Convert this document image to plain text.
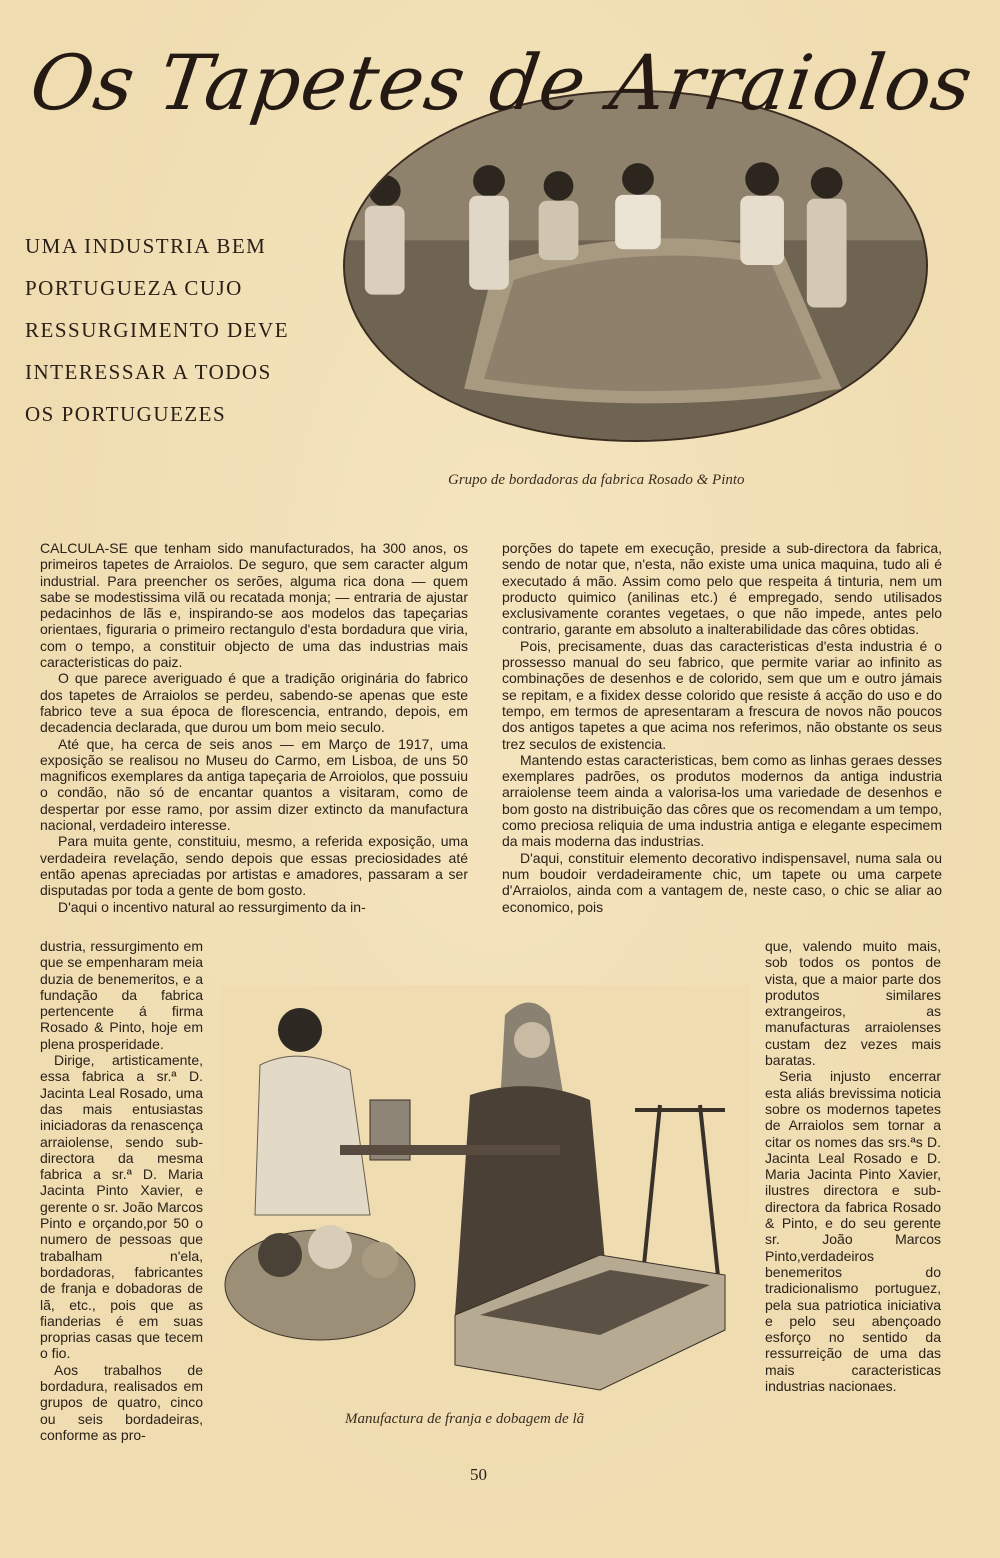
Os Tapetes de Arraiolos
UMA INDUSTRIA BEM
PORTUGUEZA CUJO
RESSURGIMENTO DEVE
INTERESSAR A TODOS
OS PORTUGUEZES
Grupo de bordadoras da fabrica Rosado & Pinto

CALCULA-SE que tenham sido manufacturados, ha 300 anos, os primeiros tapetes de Arraiolos. De seguro, que sem caracter algum industrial. Para preencher os serões, alguma rica dona — quem sabe se modestissima vilã ou recatada monja; — entraria de ajustar pedacinhos de lãs e, inspirando-se aos modelos das tapeçarias orientaes, figuraria o primeiro rectangulo d'esta bordadura que viria, com o tempo, a constituir objecto de uma das industrias mais caracteristicas do paiz.

O que parece averiguado é que a tradição originária do fabrico dos tapetes de Arraiolos se perdeu, sabendo-se apenas que este fabrico teve a sua época de florescencia, entrando, depois, em decadencia declarada, que durou um bom meio seculo.

Até que, ha cerca de seis anos — em Março de 1917, uma exposição se realisou no Museu do Carmo, em Lisboa, de uns 50 magnificos exemplares da antiga tapeçaria de Arroiolos, que possuiu o condão, não só de encantar quantos a visitaram, como de despertar por esse ramo, por assim dizer extincto da manufactura nacional, verdadeiro interesse.

Para muita gente, constituiu, mesmo, a referida exposição, uma verdadeira revelação, sendo depois que essas preciosidades até então apenas apreciadas por artistas e amadores, passaram a ser disputadas por toda a gente de bom gosto.

D'aqui o incentivo natural ao ressurgimento da in-

porções do tapete em execução, preside a sub-directora da fabrica, sendo de notar que, n'esta, não existe uma unica maquina, tudo ali é executado á mão. Assim como pelo que respeita á tinturia, nem um producto quimico (anilinas etc.) é empregado, sendo utilisados exclusivamente corantes vegetaes, o que não impede, antes pelo contrario, garante em absoluto a inalterabilidade das côres obtidas.

Pois, precisamente, duas das caracteristicas d'esta industria é o prossesso manual do seu fabrico, que permite variar ao infinito as combinações de desenhos e de colorido, sem que um e outro jámais se repitam, e a fixidex desse colorido que resiste á acção do uso e do tempo, em termos de apresentaram a frescura de novos não poucos dos antigos tapetes a que acima nos referimos, não obstante os seus trez seculos de existencia.

Mantendo estas caracteristicas, bem como as linhas geraes desses exemplares padrões, os produtos modernos da antiga industria arraiolense teem ainda a valorisa-los uma variedade de desenhos e bom gosto na distribuição das côres que os recomendam a um tempo, como preciosa reliquia de uma industria antiga e elegante especimem da mais moderna das industrias.

D'aqui, constituir elemento decorativo indispensavel, numa sala ou num boudoir verdadeiramente chic, um tapete ou uma carpete d'Arraiolos, ainda com a vantagem de, neste caso, o chic se aliar ao economico, pois

dustria, ressurgimento em que se empenharam meia duzia de benemeritos, e a fundação da fabrica pertencente á firma Rosado & Pinto, hoje em plena prosperidade.

Dirige, artisticamente, essa fabrica a sr.ª D. Jacinta Leal Rosado, uma das mais entusiastas iniciadoras da renascença arraiolense, sendo sub-directora da mesma fabrica a sr.ª D. Maria Jacinta Pinto Xavier, e gerente o sr. João Marcos Pinto e orçando,por 50 o numero de pessoas que trabalham n'ela, bordadoras, fabricantes de franja e dobadoras de lã, etc., pois que as fianderias é em suas proprias casas que tecem o fio.

Aos trabalhos de bordadura, realisados em grupos de quatro, cinco ou seis bordadeiras, conforme as pro-

Manufactura de franja e dobagem de lã

que, valendo muito mais, sob todos os pontos de vista, que a maior parte dos produtos similares extrangeiros, as manufacturas arraiolenses custam dez vezes mais baratas.

Seria injusto encerrar esta aliás brevissima noticia sobre os modernos tapetes de Arraiolos sem tornar a citar os nomes das srs.ªs D. Jacinta Leal Rosado e D. Maria Jacinta Pinto Xavier, ilustres directora e sub-directora da fabrica Rosado & Pinto, e do seu gerente sr. João Marcos Pinto,verdadeiros benemeritos do tradicionalismo portuguez, pela sua patriotica iniciativa e pelo seu abençoado esforço no sentido da ressurreição de uma das mais caracteristicas industrias nacionaes.

50
